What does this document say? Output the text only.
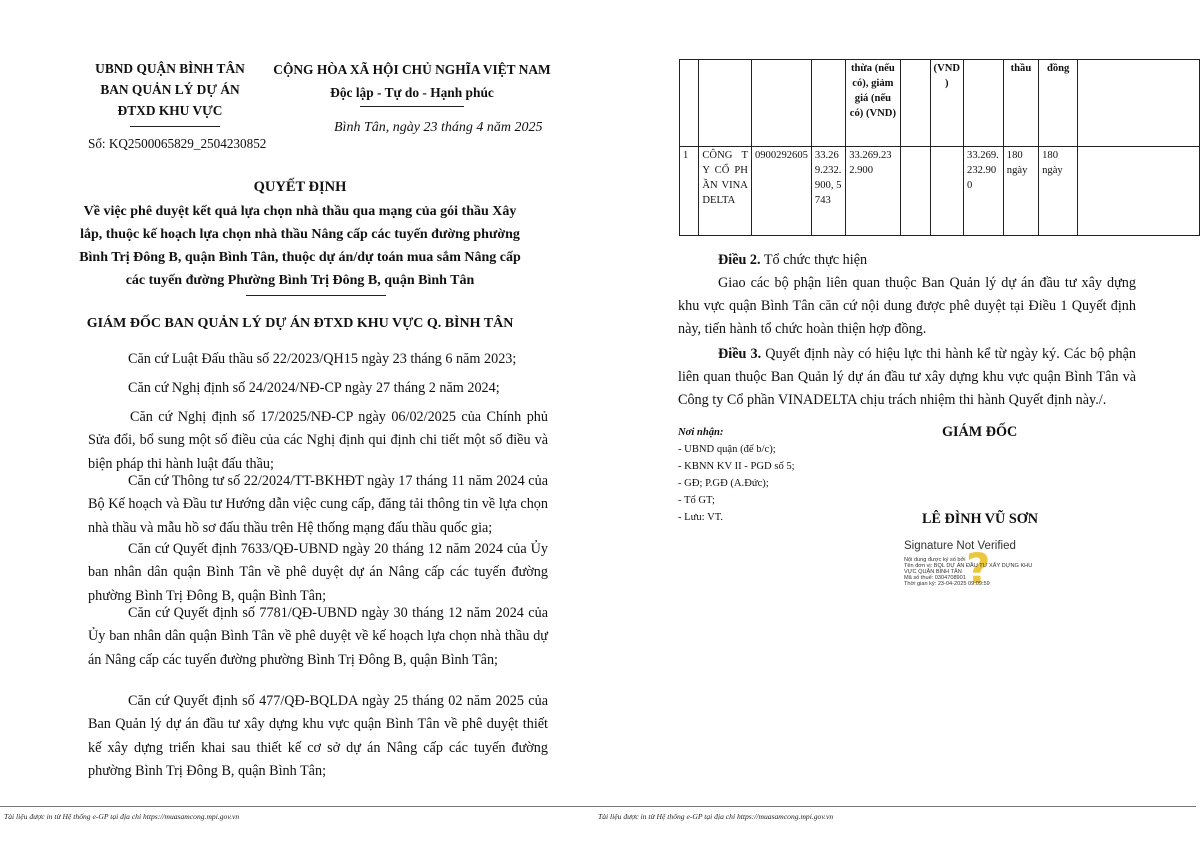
UBND QUẬN BÌNH TÂN
BAN QUẢN LÝ DỰ ÁN
ĐTXD KHU VỰC
Số: KQ2500065829_2504230852
CỘNG HÒA XÃ HỘI CHỦ NGHĨA VIỆT NAM
Độc lập - Tự do - Hạnh phúc
Bình Tân, ngày 23 tháng 4 năm 2025
QUYẾT ĐỊNH
Về việc phê duyệt kết quả lựa chọn nhà thầu qua mạng của gói thầu Xây
lắp, thuộc kế hoạch lựa chọn nhà thầu Nâng cấp các tuyến đường phường
Bình Trị Đông B, quận Bình Tân, thuộc dự án/dự toán mua sắm Nâng cấp
các tuyến đường Phường Bình Trị Đông B, quận Bình Tân
GIÁM ĐỐC BAN QUẢN LÝ DỰ ÁN ĐTXD KHU VỰC Q. BÌNH TÂN
Căn cứ Luật Đấu thầu số 22/2023/QH15 ngày 23 tháng 6 năm 2023;
Căn cứ Nghị định số 24/2024/NĐ-CP ngày 27 tháng 2 năm 2024;
Căn cứ Nghị định số 17/2025/NĐ-CP ngày 06/02/2025 của Chính phủ Sửa đổi, bổ sung một số điều của các Nghị định qui định chi tiết một số điều và biện pháp thi hành luật đấu thầu;
Căn cứ Thông tư số 22/2024/TT-BKHĐT ngày 17 tháng 11 năm 2024 của Bộ Kế hoạch và Đầu tư Hướng dẫn việc cung cấp, đăng tải thông tin về lựa chọn nhà thầu và mẫu hồ sơ đấu thầu trên Hệ thống mạng đấu thầu quốc gia;
Căn cứ Quyết định 7633/QĐ-UBND ngày 20 tháng 12 năm 2024 của Ủy ban nhân dân quận Bình Tân về phê duyệt dự án Nâng cấp các tuyến đường phường Bình Trị Đông B, quận Bình Tân;
Căn cứ Quyết định số 7781/QĐ-UBND ngày 30 tháng 12 năm 2024 của Ủy ban nhân dân quận Bình Tân về phê duyệt về kế hoạch lựa chọn nhà thầu dự án Nâng cấp các tuyến đường phường Bình Trị Đông B, quận Bình Tân;
Căn cứ Quyết định số 477/QĐ-BQLDA ngày 25 tháng 02 năm 2025 của Ban Quản lý dự án đầu tư xây dựng khu vực quận Bình Tân về phê duyệt thiết kế xây dựng triển khai sau thiết kế cơ sở dự án Nâng cấp các tuyến đường phường Bình Trị Đông B, quận Bình Tân;
Tài liệu được in từ Hệ thống e-GP tại địa chỉ https://muasamcong.mpi.gov.vn
				thừa (nếu có), giảm giá (nếu có) (VND)		(VND )		thầu	đồng	
1	CÔNG TY CỔ PHẦN VINADELTA	0900292605	33.269.232.900, 5743	33.269.232.900			33.269.232.900	180 ngày	180 ngày	
Điều 2. Tổ chức thực hiện
Giao các bộ phận liên quan thuộc Ban Quản lý dự án đầu tư xây dựng khu vực quận Bình Tân căn cứ nội dung được phê duyệt tại Điều 1 Quyết định này, tiến hành tổ chức hoàn thiện hợp đồng.
Điều 3. Quyết định này có hiệu lực thi hành kể từ ngày ký. Các bộ phận liên quan thuộc Ban Quản lý dự án đầu tư xây dựng khu vực quận Bình Tân và Công ty Cổ phần VINADELTA chịu trách nhiệm thi hành Quyết định này./.
Nơi nhận:
- UBND quận (để b/c);
- KBNN KV II - PGD số 5;
- GĐ; P.GĐ (A.Đức);
- Tổ GT;
- Lưu: VT.
GIÁM ĐỐC
LÊ ĐÌNH VŨ SƠN
?
Signature Not Verified
Nội dung được ký số bởi
Tên đơn vị: BQL DỰ ÁN ĐẦU TƯ XÂY DỰNG KHU
VỰC QUẬN BÌNH TÂN
Mã số thuế: 0304708901
Thời gian ký: 23-04-2025 09:09:59
Tài liệu được in từ Hệ thống e-GP tại địa chỉ https://muasamcong.mpi.gov.vn
